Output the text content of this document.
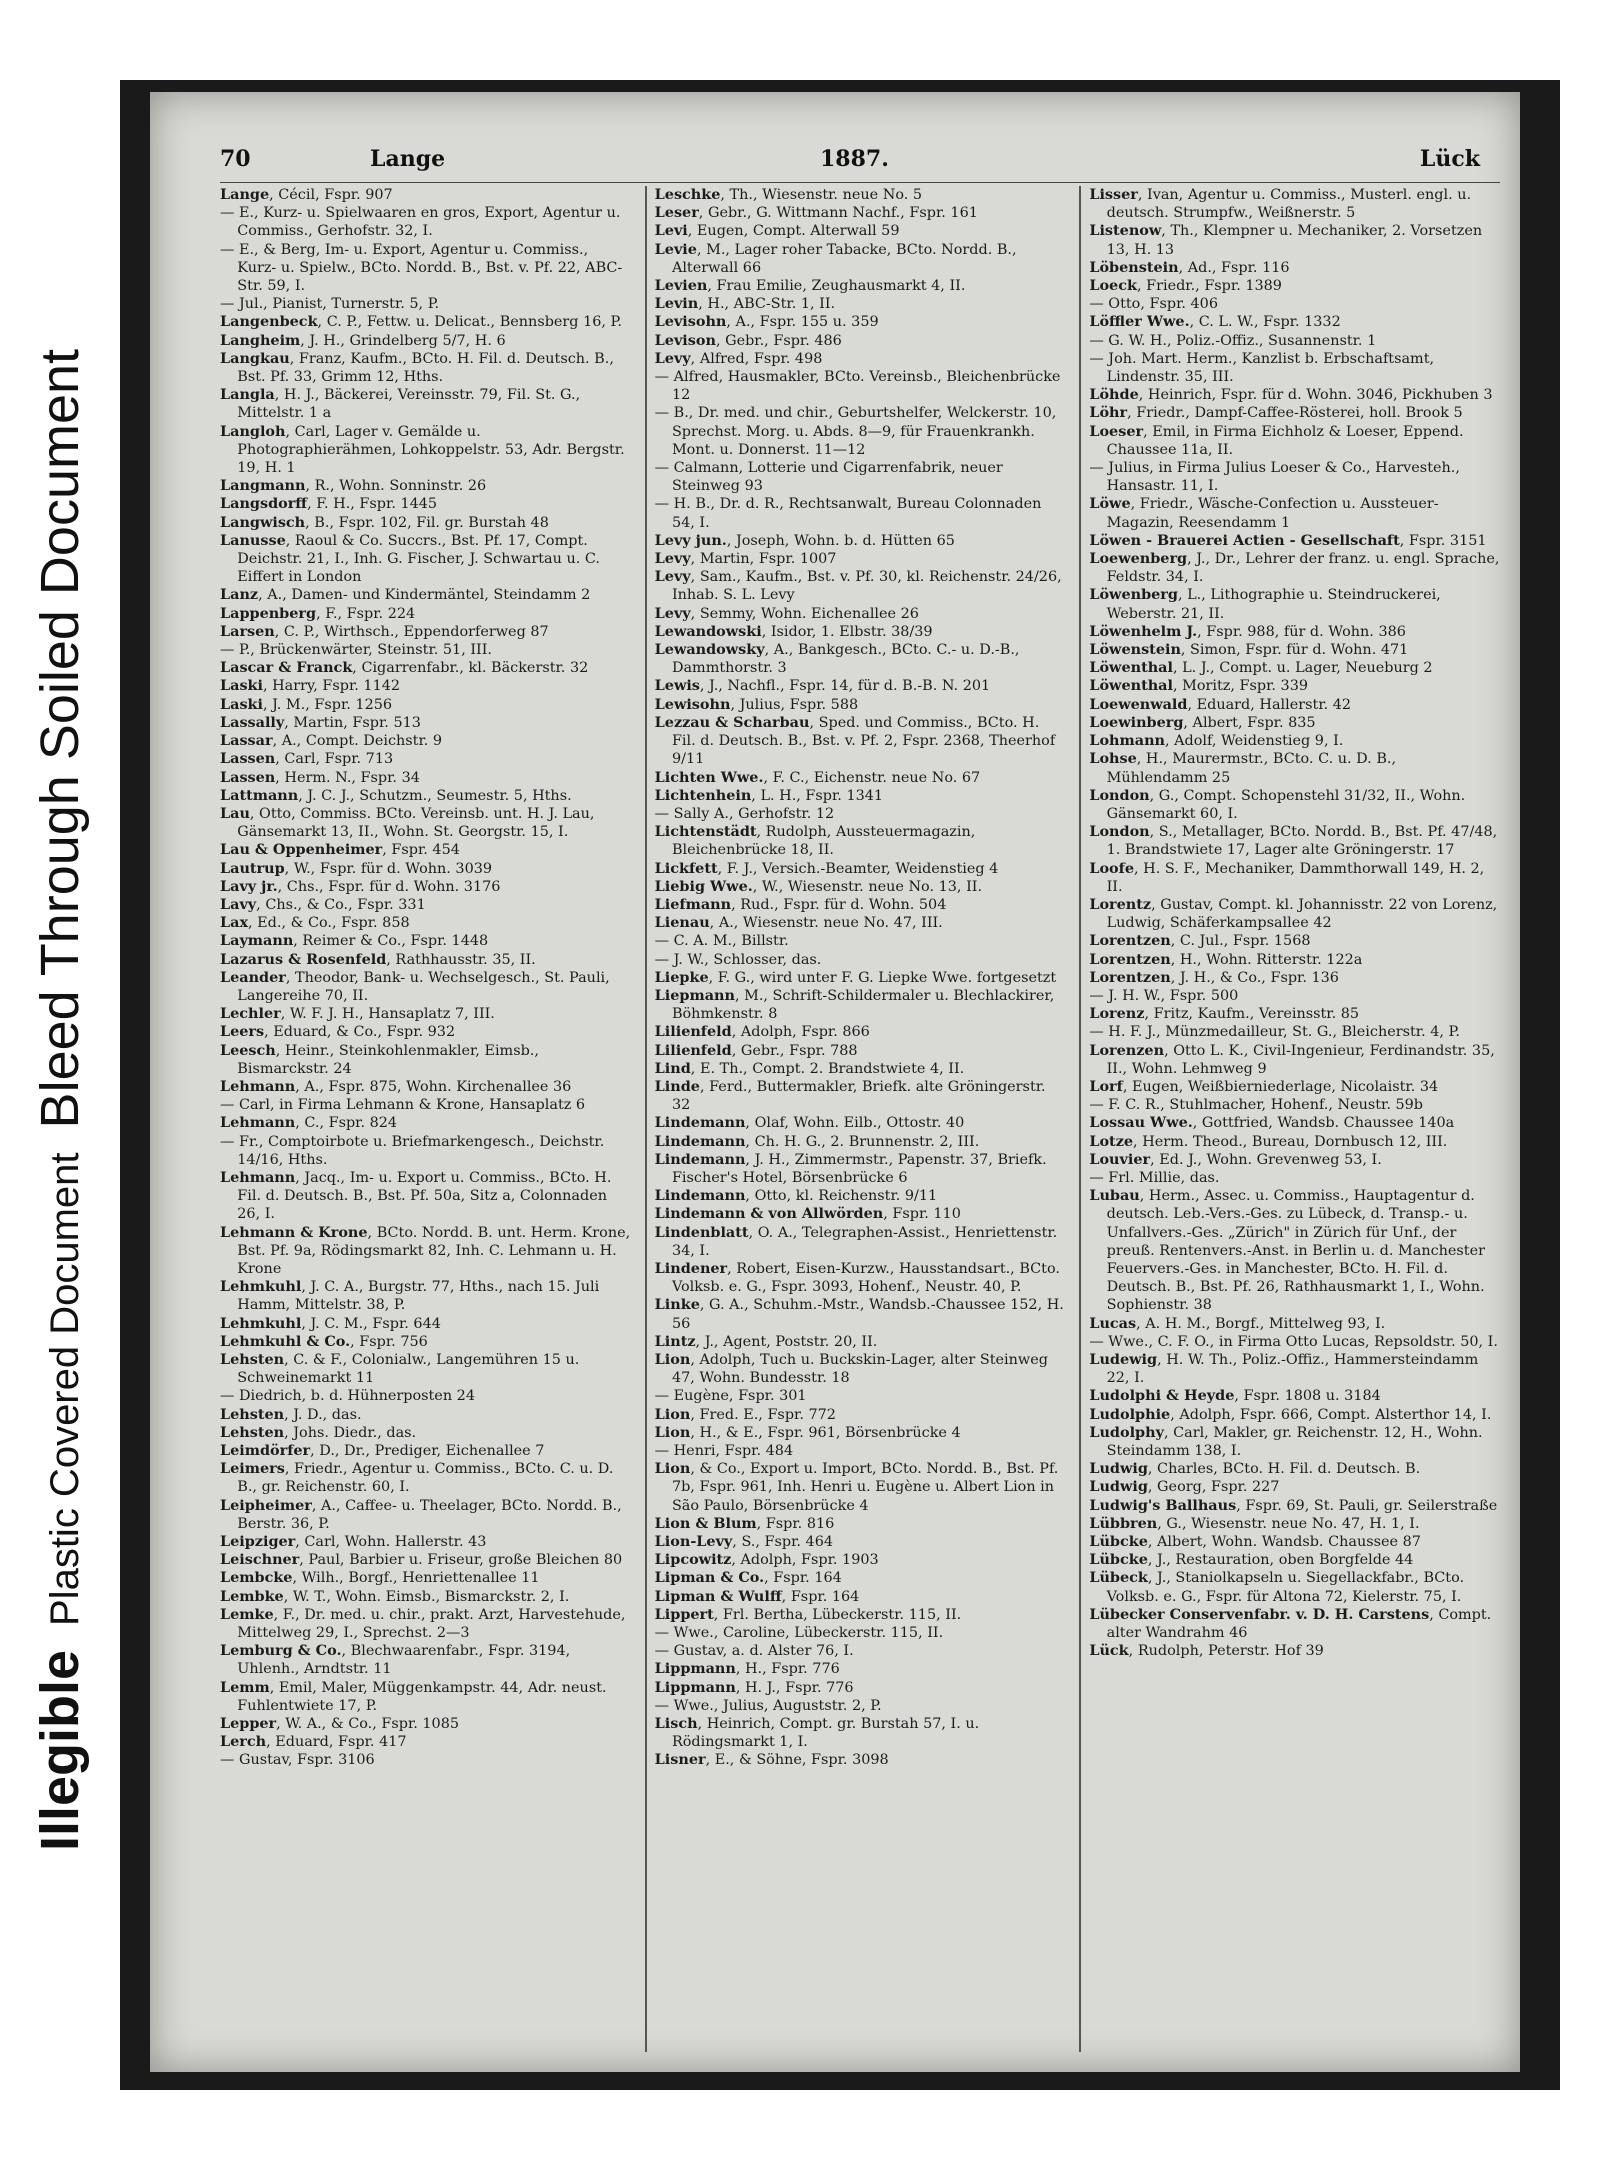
IllegiblePlastic Covered DocumentBleed Through Soiled Document
70	Lange	1887.	Lück
Lange, Cécil, Fspr. 907
— E., Kurz- u. Spielwaaren en gros, Export, Agentur u. Commiss., Gerhofstr. 32, I.
— E., & Berg, Im- u. Export, Agentur u. Commiss., Kurz- u. Spielw., BCto. Nordd. B., Bst. v. Pf. 22, ABC-Str. 59, I.
— Jul., Pianist, Turnerstr. 5, P.
Langenbeck, C. P., Fettw. u. Delicat., Bennsberg 16, P.
Langheim, J. H., Grindelberg 5/7, H. 6
Langkau, Franz, Kaufm., BCto. H. Fil. d. Deutsch. B., Bst. Pf. 33, Grimm 12, Hths.
Langla, H. J., Bäckerei, Vereinsstr. 79, Fil. St. G., Mittelstr. 1 a
Langloh, Carl, Lager v. Gemälde u. Photographierähmen, Lohkoppelstr. 53, Adr. Bergstr. 19, H. 1
Langmann, R., Wohn. Sonninstr. 26
Langsdorff, F. H., Fspr. 1445
Langwisch, B., Fspr. 102, Fil. gr. Burstah 48
Lanusse, Raoul & Co. Succrs., Bst. Pf. 17, Compt. Deichstr. 21, I., Inh. G. Fischer, J. Schwartau u. C. Eiffert in London
Lanz, A., Damen- und Kindermäntel, Steindamm 2
Lappenberg, F., Fspr. 224
Larsen, C. P., Wirthsch., Eppendorferweg 87
— P., Brückenwärter, Steinstr. 51, III.
Lascar & Franck, Cigarrenfabr., kl. Bäckerstr. 32
Laski, Harry, Fspr. 1142
Laski, J. M., Fspr. 1256
Lassally, Martin, Fspr. 513
Lassar, A., Compt. Deichstr. 9
Lassen, Carl, Fspr. 713
Lassen, Herm. N., Fspr. 34
Lattmann, J. C. J., Schutzm., Seumestr. 5, Hths.
Lau, Otto, Commiss. BCto. Vereinsb. unt. H. J. Lau, Gänsemarkt 13, II., Wohn. St. Georgstr. 15, I.
Lau & Oppenheimer, Fspr. 454
Lautrup, W., Fspr. für d. Wohn. 3039
Lavy jr., Chs., Fspr. für d. Wohn. 3176
Lavy, Chs., & Co., Fspr. 331
Lax, Ed., & Co., Fspr. 858
Laymann, Reimer & Co., Fspr. 1448
Lazarus & Rosenfeld, Rathhausstr. 35, II.
Leander, Theodor, Bank- u. Wechselgesch., St. Pauli, Langereihe 70, II.
Lechler, W. F. J. H., Hansaplatz 7, III.
Leers, Eduard, & Co., Fspr. 932
Leesch, Heinr., Steinkohlenmakler, Eimsb., Bismarckstr. 24
Lehmann, A., Fspr. 875, Wohn. Kirchenallee 36
— Carl, in Firma Lehmann & Krone, Hansaplatz 6
Lehmann, C., Fspr. 824
— Fr., Comptoirbote u. Briefmarkengesch., Deichstr. 14/16, Hths.
Lehmann, Jacq., Im- u. Export u. Commiss., BCto. H. Fil. d. Deutsch. B., Bst. Pf. 50a, Sitz a, Colonnaden 26, I.
Lehmann & Krone, BCto. Nordd. B. unt. Herm. Krone, Bst. Pf. 9a, Rödingsmarkt 82, Inh. C. Lehmann u. H. Krone
Lehmkuhl, J. C. A., Burgstr. 77, Hths., nach 15. Juli Hamm, Mittelstr. 38, P.
Lehmkuhl, J. C. M., Fspr. 644
Lehmkuhl & Co., Fspr. 756
Lehsten, C. & F., Colonialw., Langemühren 15 u. Schweinemarkt 11
— Diedrich, b. d. Hühnerposten 24
Lehsten, J. D., das.
Lehsten, Johs. Diedr., das.
Leimdörfer, D., Dr., Prediger, Eichenallee 7
Leimers, Friedr., Agentur u. Commiss., BCto. C. u. D. B., gr. Reichenstr. 60, I.
Leipheimer, A., Caffee- u. Theelager, BCto. Nordd. B., Berstr. 36, P.
Leipziger, Carl, Wohn. Hallerstr. 43
Leischner, Paul, Barbier u. Friseur, große Bleichen 80
Lembcke, Wilh., Borgf., Henriettenallee 11
Lembke, W. T., Wohn. Eimsb., Bismarckstr. 2, I.
Lemke, F., Dr. med. u. chir., prakt. Arzt, Harvestehude, Mittelweg 29, I., Sprechst. 2—3
Lemburg & Co., Blechwaarenfabr., Fspr. 3194, Uhlenh., Arndtstr. 11
Lemm, Emil, Maler, Müggenkampstr. 44, Adr. neust. Fuhlentwiete 17, P.
Lepper, W. A., & Co., Fspr. 1085
Lerch, Eduard, Fspr. 417
— Gustav, Fspr. 3106
Leschke, Th., Wiesenstr. neue No. 5
Leser, Gebr., G. Wittmann Nachf., Fspr. 161
Levi, Eugen, Compt. Alterwall 59
Levie, M., Lager roher Tabacke, BCto. Nordd. B., Alterwall 66
Levien, Frau Emilie, Zeughausmarkt 4, II.
Levin, H., ABC-Str. 1, II.
Levisohn, A., Fspr. 155 u. 359
Levison, Gebr., Fspr. 486
Levy, Alfred, Fspr. 498
— Alfred, Hausmakler, BCto. Vereinsb., Bleichenbrücke 12
— B., Dr. med. und chir., Geburtshelfer, Welckerstr. 10, Sprechst. Morg. u. Abds. 8—9, für Frauenkrankh. Mont. u. Donnerst. 11—12
— Calmann, Lotterie und Cigarrenfabrik, neuer Steinweg 93
— H. B., Dr. d. R., Rechtsanwalt, Bureau Colonnaden 54, I.
Levy jun., Joseph, Wohn. b. d. Hütten 65
Levy, Martin, Fspr. 1007
Levy, Sam., Kaufm., Bst. v. Pf. 30, kl. Reichenstr. 24/26, Inhab. S. L. Levy
Levy, Semmy, Wohn. Eichenallee 26
Lewandowski, Isidor, 1. Elbstr. 38/39
Lewandowsky, A., Bankgesch., BCto. C.- u. D.-B., Dammthorstr. 3
Lewis, J., Nachfl., Fspr. 14, für d. B.-B. N. 201
Lewisohn, Julius, Fspr. 588
Lezzau & Scharbau, Sped. und Commiss., BCto. H. Fil. d. Deutsch. B., Bst. v. Pf. 2, Fspr. 2368, Theerhof 9/11
Lichten Wwe., F. C., Eichenstr. neue No. 67
Lichtenhein, L. H., Fspr. 1341
— Sally A., Gerhofstr. 12
Lichtenstädt, Rudolph, Aussteuermagazin, Bleichenbrücke 18, II.
Lickfett, F. J., Versich.-Beamter, Weidenstieg 4
Liebig Wwe., W., Wiesenstr. neue No. 13, II.
Liefmann, Rud., Fspr. für d. Wohn. 504
Lienau, A., Wiesenstr. neue No. 47, III.
— C. A. M., Billstr.
— J. W., Schlosser, das.
Liepke, F. G., wird unter F. G. Liepke Wwe. fortgesetzt
Liepmann, M., Schrift-Schildermaler u. Blechlackirer, Böhmkenstr. 8
Lilienfeld, Adolph, Fspr. 866
Lilienfeld, Gebr., Fspr. 788
Lind, E. Th., Compt. 2. Brandstwiete 4, II.
Linde, Ferd., Buttermakler, Briefk. alte Gröningerstr. 32
Lindemann, Olaf, Wohn. Eilb., Ottostr. 40
Lindemann, Ch. H. G., 2. Brunnenstr. 2, III.
Lindemann, J. H., Zimmermstr., Papenstr. 37, Briefk. Fischer's Hotel, Börsenbrücke 6
Lindemann, Otto, kl. Reichenstr. 9/11
Lindemann & von Allwörden, Fspr. 110
Lindenblatt, O. A., Telegraphen-Assist., Henriettenstr. 34, I.
Lindener, Robert, Eisen-Kurzw., Hausstandsart., BCto. Volksb. e. G., Fspr. 3093, Hohenf., Neustr. 40, P.
Linke, G. A., Schuhm.-Mstr., Wandsb.-Chaussee 152, H. 56
Lintz, J., Agent, Poststr. 20, II.
Lion, Adolph, Tuch u. Buckskin-Lager, alter Steinweg 47, Wohn. Bundesstr. 18
— Eugène, Fspr. 301
Lion, Fred. E., Fspr. 772
Lion, H., & E., Fspr. 961, Börsenbrücke 4
— Henri, Fspr. 484
Lion, & Co., Export u. Import, BCto. Nordd. B., Bst. Pf. 7b, Fspr. 961, Inh. Henri u. Eugène u. Albert Lion in São Paulo, Börsenbrücke 4
Lion & Blum, Fspr. 816
Lion-Levy, S., Fspr. 464
Lipcowitz, Adolph, Fspr. 1903
Lipman & Co., Fspr. 164
Lipman & Wulff, Fspr. 164
Lippert, Frl. Bertha, Lübeckerstr. 115, II.
— Wwe., Caroline, Lübeckerstr. 115, II.
— Gustav, a. d. Alster 76, I.
Lippmann, H., Fspr. 776
Lippmann, H. J., Fspr. 776
— Wwe., Julius, Auguststr. 2, P.
Lisch, Heinrich, Compt. gr. Burstah 57, I. u. Rödingsmarkt 1, I.
Lisner, E., & Söhne, Fspr. 3098
Lisser, Ivan, Agentur u. Commiss., Musterl. engl. u. deutsch. Strumpfw., Weißnerstr. 5
Listenow, Th., Klempner u. Mechaniker, 2. Vorsetzen 13, H. 13
Löbenstein, Ad., Fspr. 116
Loeck, Friedr., Fspr. 1389
— Otto, Fspr. 406
Löffler Wwe., C. L. W., Fspr. 1332
— G. W. H., Poliz.-Offiz., Susannenstr. 1
— Joh. Mart. Herm., Kanzlist b. Erbschaftsamt, Lindenstr. 35, III.
Löhde, Heinrich, Fspr. für d. Wohn. 3046, Pickhuben 3
Löhr, Friedr., Dampf-Caffee-Rösterei, holl. Brook 5
Loeser, Emil, in Firma Eichholz & Loeser, Eppend. Chaussee 11a, II.
— Julius, in Firma Julius Loeser & Co., Harvesteh., Hansastr. 11, I.
Löwe, Friedr., Wäsche-Confection u. Aussteuer-Magazin, Reesendamm 1
Löwen - Brauerei Actien - Gesellschaft, Fspr. 3151
Loewenberg, J., Dr., Lehrer der franz. u. engl. Sprache, Feldstr. 34, I.
Löwenberg, L., Lithographie u. Steindruckerei, Weberstr. 21, II.
Löwenhelm J., Fspr. 988, für d. Wohn. 386
Löwenstein, Simon, Fspr. für d. Wohn. 471
Löwenthal, L. J., Compt. u. Lager, Neueburg 2
Löwenthal, Moritz, Fspr. 339
Loewenwald, Eduard, Hallerstr. 42
Loewinberg, Albert, Fspr. 835
Lohmann, Adolf, Weidenstieg 9, I.
Lohse, H., Maurermstr., BCto. C. u. D. B., Mühlendamm 25
London, G., Compt. Schopenstehl 31/32, II., Wohn. Gänsemarkt 60, I.
London, S., Metallager, BCto. Nordd. B., Bst. Pf. 47/48, 1. Brandstwiete 17, Lager alte Gröningerstr. 17
Loofe, H. S. F., Mechaniker, Dammthorwall 149, H. 2, II.
Lorentz, Gustav, Compt. kl. Johannisstr. 22 von Lorenz, Ludwig, Schäferkampsallee 42
Lorentzen, C. Jul., Fspr. 1568
Lorentzen, H., Wohn. Ritterstr. 122a
Lorentzen, J. H., & Co., Fspr. 136
— J. H. W., Fspr. 500
Lorenz, Fritz, Kaufm., Vereinsstr. 85
— H. F. J., Münzmedailleur, St. G., Bleicherstr. 4, P.
Lorenzen, Otto L. K., Civil-Ingenieur, Ferdinandstr. 35, II., Wohn. Lehmweg 9
Lorf, Eugen, Weißbierniederlage, Nicolaistr. 34
— F. C. R., Stuhlmacher, Hohenf., Neustr. 59b
Lossau Wwe., Gottfried, Wandsb. Chaussee 140a
Lotze, Herm. Theod., Bureau, Dornbusch 12, III.
Louvier, Ed. J., Wohn. Grevenweg 53, I.
— Frl. Millie, das.
Lubau, Herm., Assec. u. Commiss., Hauptagentur d. deutsch. Leb.-Vers.-Ges. zu Lübeck, d. Transp.- u. Unfallvers.-Ges. „Zürich" in Zürich für Unf., der preuß. Rentenvers.-Anst. in Berlin u. d. Manchester Feuervers.-Ges. in Manchester, BCto. H. Fil. d. Deutsch. B., Bst. Pf. 26, Rathhausmarkt 1, I., Wohn. Sophienstr. 38
Lucas, A. H. M., Borgf., Mittelweg 93, I.
— Wwe., C. F. O., in Firma Otto Lucas, Repsoldstr. 50, I.
Ludewig, H. W. Th., Poliz.-Offiz., Hammersteindamm 22, I.
Ludolphi & Heyde, Fspr. 1808 u. 3184
Ludolphie, Adolph, Fspr. 666, Compt. Alsterthor 14, I.
Ludolphy, Carl, Makler, gr. Reichenstr. 12, H., Wohn. Steindamm 138, I.
Ludwig, Charles, BCto. H. Fil. d. Deutsch. B.
Ludwig, Georg, Fspr. 227
Ludwig's Ballhaus, Fspr. 69, St. Pauli, gr. Seilerstraße
Lübbren, G., Wiesenstr. neue No. 47, H. 1, I.
Lübcke, Albert, Wohn. Wandsb. Chaussee 87
Lübcke, J., Restauration, oben Borgfelde 44
Lübeck, J., Staniolkapseln u. Siegellackfabr., BCto. Volksb. e. G., Fspr. für Altona 72, Kielerstr. 75, I.
Lübecker Conservenfabr. v. D. H. Carstens, Compt. alter Wandrahm 46
Lück, Rudolph, Peterstr. Hof 39
